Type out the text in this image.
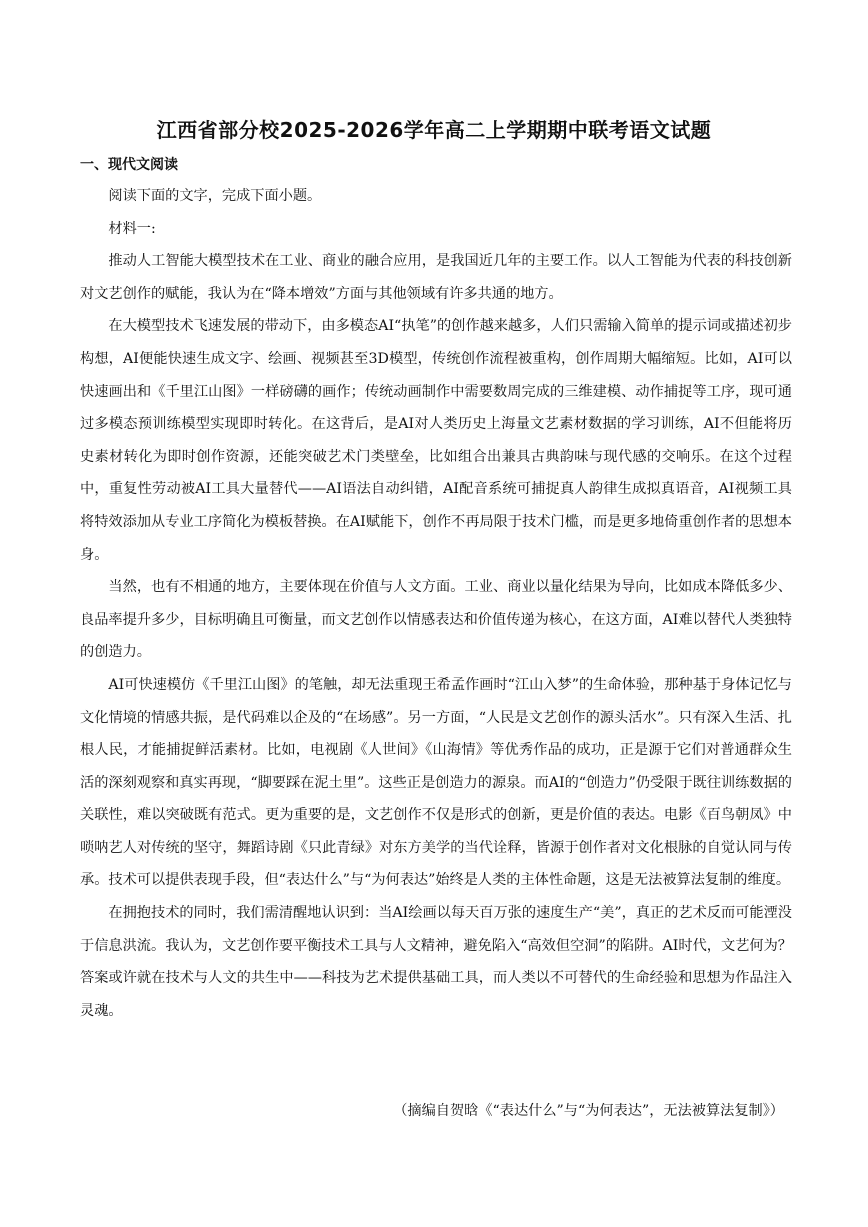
江西省部分校2025-2026学年高二上学期期中联考语文试题
一、现代文阅读

阅读下面的文字，完成下面小题。

材料一:

推动人工智能大模型技术在工业、商业的融合应用，是我国近几年的主要工作。以人工智能为代表的科技创新对文艺创作的赋能，我认为在“降本增效”方面与其他领域有许多共通的地方。

在大模型技术飞速发展的带动下，由多模态AI“执笔”的创作越来越多，人们只需输入简单的提示词或描述初步构想，AI便能快速生成文字、绘画、视频甚至3D模型，传统创作流程被重构，创作周期大幅缩短。比如，AI可以快速画出和《千里江山图》一样磅礴的画作；传统动画制作中需要数周完成的三维建模、动作捕捉等工序，现可通过多模态预训练模型实现即时转化。在这背后，是AI对人类历史上海量文艺素材数据的学习训练，AI不但能将历史素材转化为即时创作资源，还能突破艺术门类壁垒，比如组合出兼具古典韵味与现代感的交响乐。在这个过程中，重复性劳动被AI工具大量替代——AI语法自动纠错，AI配音系统可捕捉真人韵律生成拟真语音，AI视频工具将特效添加从专业工序简化为模板替换。在AI赋能下，创作不再局限于技术门槛，而是更多地倚重创作者的思想本身。

当然，也有不相通的地方，主要体现在价值与人文方面。工业、商业以量化结果为导向，比如成本降低多少、良品率提升多少，目标明确且可衡量，而文艺创作以情感表达和价值传递为核心，在这方面，AI难以替代人类独特的创造力。

AI可快速模仿《千里江山图》的笔触，却无法重现王希孟作画时“江山入梦”的生命体验，那种基于身体记忆与文化情境的情感共振，是代码难以企及的“在场感”。另一方面，“人民是文艺创作的源头活水”。只有深入生活、扎根人民，才能捕捉鲜活素材。比如，电视剧《人世间》《山海情》等优秀作品的成功，正是源于它们对普通群众生活的深刻观察和真实再现，“脚要踩在泥土里”。这些正是创造力的源泉。而AI的“创造力”仍受限于既往训练数据的关联性，难以突破既有范式。更为重要的是，文艺创作不仅是形式的创新，更是价值的表达。电影《百鸟朝凤》中唢呐艺人对传统的坚守，舞蹈诗剧《只此青绿》对东方美学的当代诠释，皆源于创作者对文化根脉的自觉认同与传承。技术可以提供表现手段，但“表达什么”与“为何表达”始终是人类的主体性命题，这是无法被算法复制的维度。

在拥抱技术的同时，我们需清醒地认识到：当AI绘画以每天百万张的速度生产“美”，真正的艺术反而可能湮没于信息洪流。我认为，文艺创作要平衡技术工具与人文精神，避免陷入“高效但空洞”的陷阱。AI时代，文艺何为？答案或许就在技术与人文的共生中——科技为艺术提供基础工具，而人类以不可替代的生命经验和思想为作品注入灵魂。

（摘编自贺晗《“表达什么”与“为何表达”，无法被算法复制》）
